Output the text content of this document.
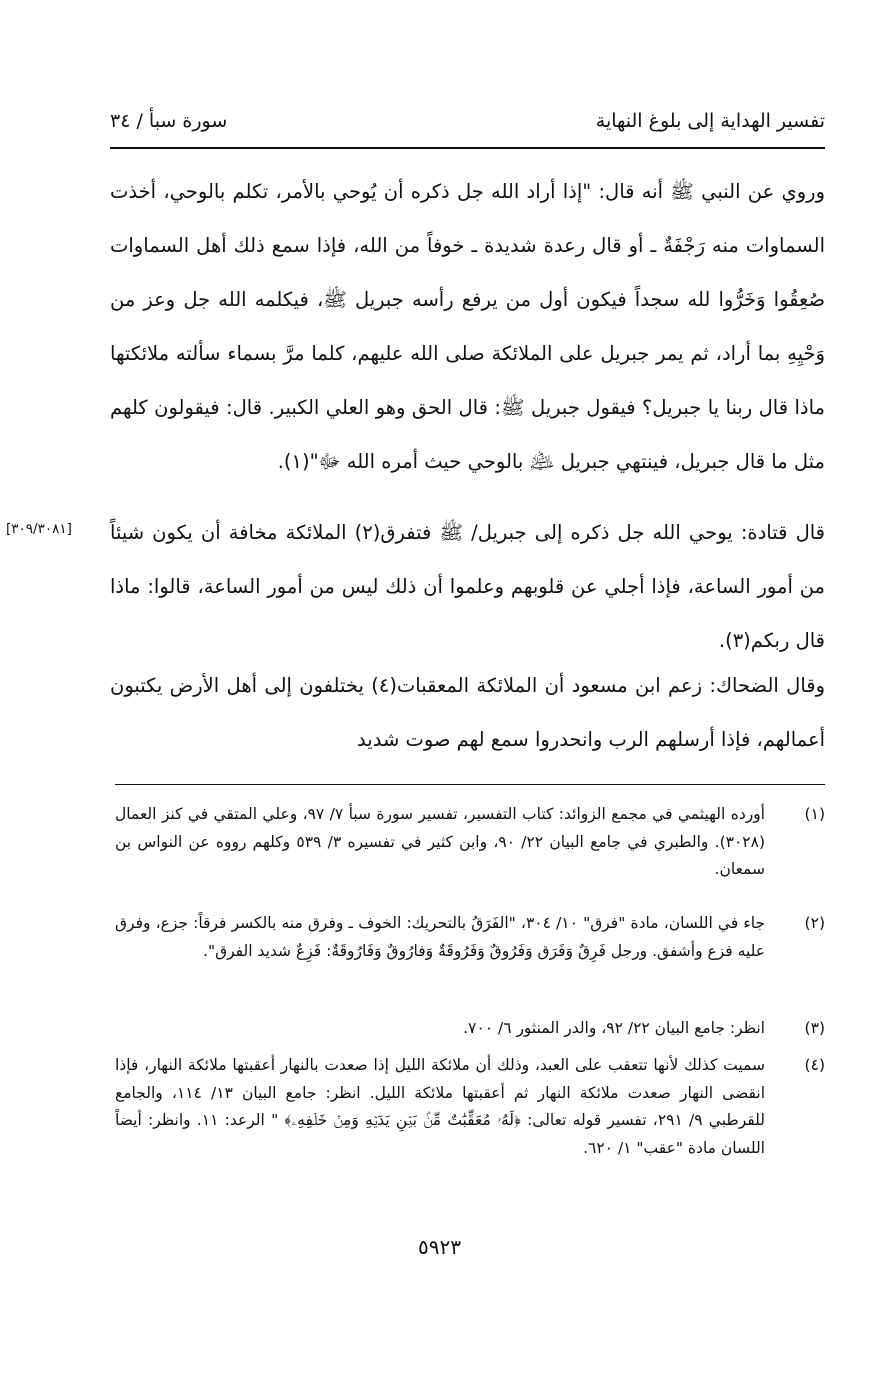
تفسير الهداية إلى بلوغ النهاية
سورة سبأ / ٣٤

وروي عن النبي ﷺ أنه قال: "إذا أراد الله جل ذكره أن يُوحي بالأمر، تكلم بالوحي، أخذت السماوات منه رَجْفَةٌ ـ أو قال رعدة شديدة ـ خوفاً من الله، فإذا سمع ذلك أهل السماوات صُعِقُوا وَخَرُّوا لله سجداً فيكون أول من يرفع رأسه جبريل ﷺ، فيكلمه الله جل وعز من وَحْيِهِ بما أراد، ثم يمر جبريل على الملائكة صلى الله عليهم، كلما مرَّ بسماء سألته ملائكتها ماذا قال ربنا يا جبريل؟ فيقول جبريل ﷺ: قال الحق وهو العلي الكبير. قال: فيقولون كلهم مثل ما قال جبريل، فينتهي جبريل ﵇ بالوحي حيث أمره الله ﷻ"(١).

[٣٠٩/٣٠٨١] قال قتادة: يوحي الله جل ذكره إلى جبريل/ ﷺ فتفرق(٢) الملائكة مخافة أن يكون شيئاً من أمور الساعة، فإذا أجلي عن قلوبهم وعلموا أن ذلك ليس من أمور الساعة، قالوا: ماذا قال ربكم(٣).

وقال الضحاك: زعم ابن مسعود أن الملائكة المعقبات(٤) يختلفون إلى أهل الأرض يكتبون أعمالهم، فإذا أرسلهم الرب وانحدروا سمع لهم صوت شديد

(١)
أورده الهيثمي في مجمع الزوائد: كتاب التفسير، تفسير سورة سبأ ٧/ ٩٧، وعلي المتقي في كنز العمال (٣٠٢٨). والطبري في جامع البيان ٢٢/ ٩٠، وابن كثير في تفسيره ٣/ ٥٣٩ وكلهم رووه عن النواس بن سمعان.
(٢)
جاء في اللسان، مادة "فرق" ١٠/ ٣٠٤، "الفَرَقُ بالتحريك: الخوف ـ وفرق منه بالكسر فرقاً: جزع، وفرق عليه فزع وأشفق. ورجل فَرِقٌ وَفَرَق وَفَرُوقٌ وَفَرُوقَةٌ وَفارُوقٌ وَفَارُوقَةٌ: فَزِعٌ شديد الفرق".
(٣)
انظر: جامع البيان ٢٢/ ٩٢، والدر المنثور ٦/ ٧٠٠.
(٤)
سميت كذلك لأنها تتعقب على العبد، وذلك أن ملائكة الليل إذا صعدت بالنهار أعقبتها ملائكة النهار، فإذا انقضى النهار صعدت ملائكة النهار ثم أعقبتها ملائكة الليل. انظر: جامع البيان ١٣/ ١١٤، والجامع للقرطبي ٩/ ٢٩١، تفسير قوله تعالى: ﴿لَهُۥ مُعَقِّبَٰتٌ مِّنۢ بَيۡنِ يَدَيۡهِ وَمِنۡ خَلۡفِهِۦ﴾ " الرعد: ١١. وانظر: أيضاً اللسان مادة "عقب" ١/ ٦٢٠.
٥٩٢٣
